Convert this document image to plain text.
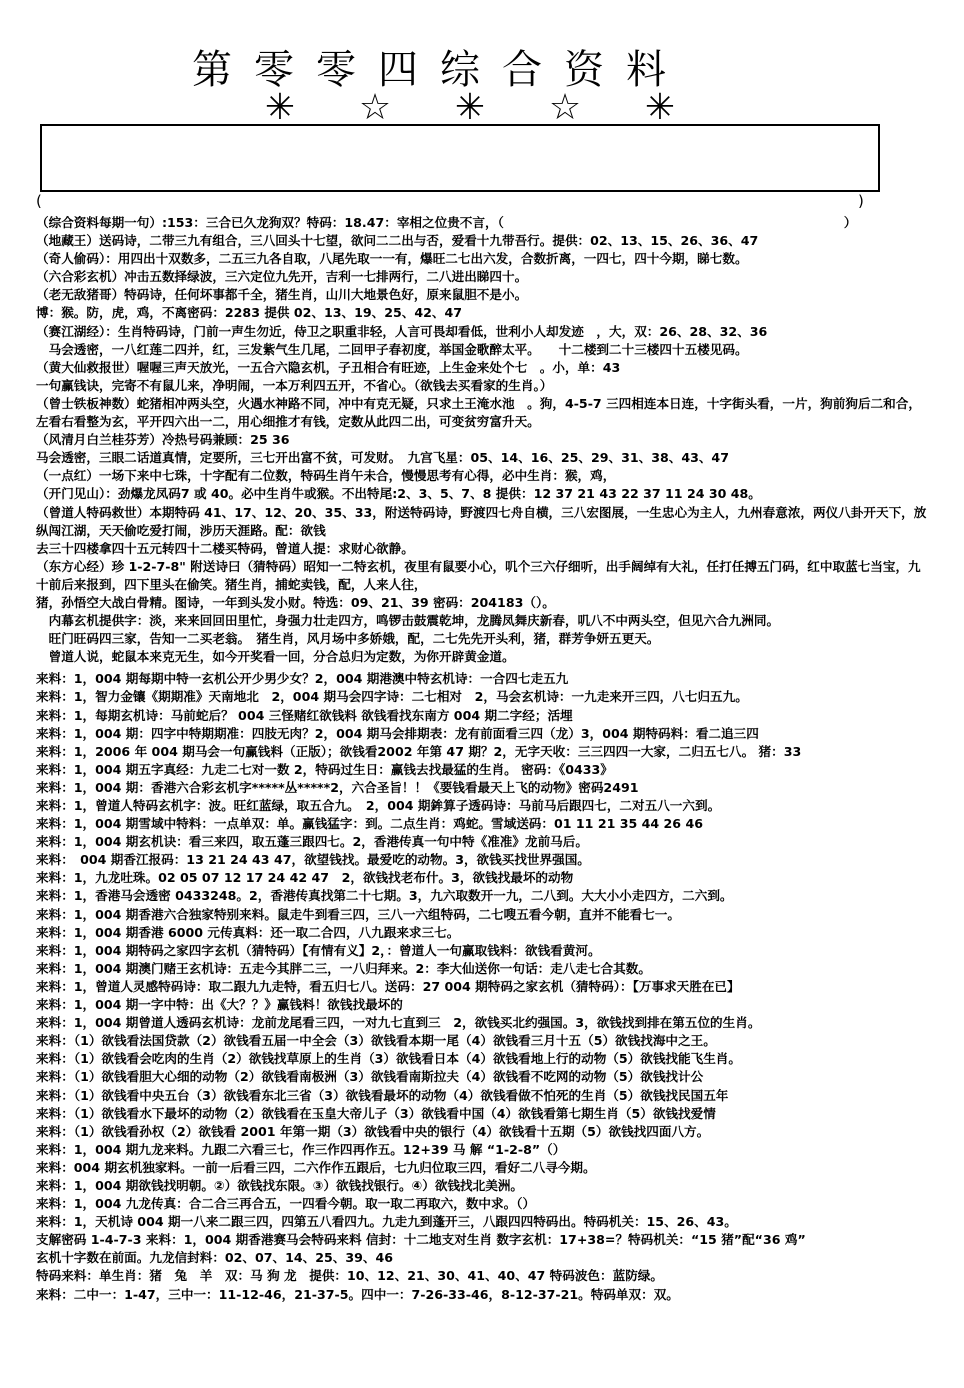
第零零四综合资料
✳	☆	✳	☆	✳
(	)
（综合资料每期一句）:153：三合已久龙狗双？特码：18.47：宰相之位贵不言，（　　　　　　　　　　　　　　　　　　　　　　　　　　　）
（地藏王）送码诗，二带三九有组合，三八回头十七望，欲问二二出与否，爱看十九带吾行。提供：02、13、15、26、36、47
（奇人偷码）：用四出十双数多，二五三九各自取，八尾先取一一有，爆旺二七出六发，合数折离，一四七，四十今期，睇七数。
（六合彩玄机）冲击五数择绿波，三六定位九先开，吉利一七排两行，二八进出睇四十。
（老无敌猪哥）特码诗，任何坏事都千全，猪生肖，山川大地景色好，原来鼠胆不是小。
博：猴。防，虎，鸡，不离密码：2283 提供 02、13、19、25、42、47
（赛江湖经）：生肖特码诗，门前一声生勿近，侍卫之职重非轻，人言可畏却看低，世利小人却发迹　，大，双：26、28、32、36
　马会透密，一八红莲二四并，红，三发紫气生几尾，二回甲子春初度，举国金歌醉太平。　　十二楼到二十三楼四十五楼见码。
（黄大仙救报世）喔喔三声天放光，一五合六隐玄机，子丑相合有旺迹，上生金来处个七　。小，单：43
一句赢钱诀，完寄不有鼠儿来，净明闹，一本万利四五开，不省心。（欲钱去买看家的生肖。）
（曾士铁板神数）蛇猪相冲两头空，火遇水神路不同，冲中有克无疑，只求土王淹水池　。狗，4-5-7 三四相连本日连，十字街头看，一片，狗前狗后二和合，左看右看整为玄，平开四六出一二，用心细推才有钱，定数从此四二出，可变贫穷富升天。
（风清月白兰桂芬芳）冷热号码兼顾：25 36
马会透密，三眼二话道真情，定要所，三七开出富不贫，可发财。　九宫飞星：05、14、16、25、29、31、38、43、47
（一点红）一场下来中七珠，十字配有二位数，特码生肖午未合，慢慢思考有心得，必中生肖：猴，鸡，
（开门见山）：劲爆龙凤码7 或 40。必中生肖牛或猴。不出特尾:2、3、5、7、8 提供：12 37 21 43 22 37 11 24 30 48。
（曾道人特码救世）本期特码 41、17、12、20、35、33，附送特码诗，野渡四七舟自横，三八宏图展，一生忠心为主人，九州春意浓，两仪八卦开天下，放纵闯江湖，天天偷吃爱打闹，涉历天涯路。配：欲钱
去三十四楼拿四十五元转四十二楼买特码，曾道人提：求财心欲静。
（东方心经）珍 1-2-7-8" 附送诗曰（猜特码）昭知一二特玄机，夜里有鼠要小心，叽个三六仔细听，出手阔绰有大礼，任打任搏五门码，红中取蓝七当宝，九十前后来报到，四下里头在偷笑。猪生肖，捕蛇卖钱，配，人来人往，
猪，孙悟空大战白骨精。图诗，一年到头发小财。特选：09、21、39 密码：204183（）。
　内幕玄机提供字：淡，来来回回田里忙，身强力壮走四方，鸣锣击鼓震乾坤，龙腾凤舞庆新春，叽八不中两头空，但见六合九洲同。
　旺门旺码四三家，告知一二买老翁。　猪生肖，风月场中多娇娥，配，二七先先开头利，猪，群芳争妍五更天。
　曾道人说，蛇鼠本来克无生，如今开奖看一回，分合总归为定数，为你开辟黄金道。
来料：1，004 期每期中特一玄机公开少男少女？2，004 期港澳中特玄机诗：一合四七走五九
来料：1，智力金镶《期期准》天南地北　2，004 期马会四字诗：二七相对　2，马会玄机诗：一九走来开三四，八七归五九。
来料：1，每期玄机诗：马前蛇后？ 004 三怪赌红欲钱料 欲钱看找东南方 004 期二字经；活埋
来料：1，004 期：四字中特期期准：四肢无肉？2，004 期马会排期表：龙有前面看三四（龙）3，004 期特码料：看二追三四
来料：1，2006 年 004 期马会一句赢钱料（正版）；欲钱看2002 年第 47 期？2，无字天收：三三四四一大家，二归五七八。 猪：33
来料：1，004 期五字真经：九走二七对一数 2，特码过生日：赢钱去找最猛的生肖。 密码：《0433》
来料：1，004 期：香港六合彩玄机字*****丛*****2，六合圣旨！！《要钱看最天上飞的动物》密码2491
来料：1，曾道人特码玄机字：波。旺红蓝绿，取五合九。　2，004 期鉾算子透码诗：马前马后跟四七，二对五八一六到。
来料：1，004 期雪域中特料：一点单双：单。赢钱猛字：到。二点生肖：鸡蛇。雪域送码：01 11 21 35 44 26 46
来料：1，004 期玄机诀：看三来四，取五蓬三跟四七。2，香港传真一句中特《准准》龙前马后。
来料：　004 期香江报码：13 21 24 43 47，欲望钱找。最爱吃的动物。3，欲钱买找世界强国。
来料：1，九龙吐珠。02 05 07 12 17 24 42 47　2，欲钱找老布什。3，欲钱找最坏的动物
来料：1，香港马会透密 0433248。2，香港传真找第二十七期。3，九六取数开一九，二八到。大大小小走四方，二六到。
来料：1，004 期香港六合独家特别来料。鼠走牛到看三四，三八一六组特码，二七嗖五看今朝，直并不能看七一。
来料：1，004 期香港 6000 元传真料：还一取二合四，八九跟来求三七。
来料：1，004 期特码之家四字玄机（猜特码）【有情有义】2，：曾道人一句赢取钱料：欲钱看黄河。
来料：1，004 期澳门赌王玄机诗：五走今其胖二三，一八归拜来。2：李大仙送你一句话：走八走七合其数。
来料：1，曾道人灵感特码诗：取二跟九九走特，看五归七八。送码：27 004 期特码之家玄机（猜特码）：【万事求天胜在已】
来料：1，004 期一字中特：出《大？？》赢钱料！欲钱找最坏的
来料：1，004 期曾道人透码玄机诗：龙前龙尾看三四，一对九七直到三　2，欲钱买北约强国。3，欲钱找到排在第五位的生肖。
来料：（1）欲钱看法国贷款（2）欲钱看五届一中全会（3）欲钱看本期一尾（4）欲钱看三月十五（5）欲钱找海中之王。
来料：（1）欲钱看会吃肉的生肖（2）欲钱找草原上的生肖（3）欲钱看日本（4）欲钱看地上行的动物（5）欲钱找能飞生肖。
来料：（1）欲钱看胆大心细的动物（2）欲钱看南极洲（3）欲钱看南斯拉夫（4）欲钱看不吃网的动物（5）欲钱找计公
来料：（1）欲钱看中央五台（3）欲钱看东北三省（3）欲钱看最坏的动物（4）欲钱看做不怕死的生肖（5）欲钱找民国五年
来料：（1）欲钱看水下最坏的动物（2）欲钱看在玉皇大帝儿子（3）欲钱看中国（4）欲钱看第七期生肖（5）欲钱找爱情
来料：（1）欲钱看孙权（2）欲钱看 2001 年第一期（3）欲钱看中央的银行（4）欲钱看十五期（5）欲钱找四面八方。
来料：1，004 期九龙来料。九跟二六看三七，作三作四再作五。12+39 马 解 “1-2-8”（）
来料：004 期玄机独家料。一前一后看三四，二六作作五跟后，七九归位取三四，看好二八寻今期。
来料：1，004 期欲钱找明朝。②）欲钱找东限。③）欲钱找银行。④）欲钱找北美洲。
来料：1，004 九龙传真：合二合三再合五，一四看今朝。取一取二再取六，数中求。（）
来料：1，天机诗 004 期一八来二跟三四，四第五八看四九。九走九到蓬开三，八跟四四特码出。特码机关：15、26、43。
支解密码 1-4-7-3 来料：1，004 期香港赛马会特码来料 信封：十二地支对生肖 数字玄机：17+38=？特码机关：“15 猪”配“36 鸡”
玄机十字数在前面。九龙信封料：02、07、14、25、39、46
特码来料：单生肖：猪　兔　羊　双：马 狗 龙　提供：10、12、21、30、41、40、47 特码波色：蓝防绿。
来料：二中一：1-47，三中一：11-12-46，21-37-5。四中一：7-26-33-46，8-12-37-21。特码单双：双。
